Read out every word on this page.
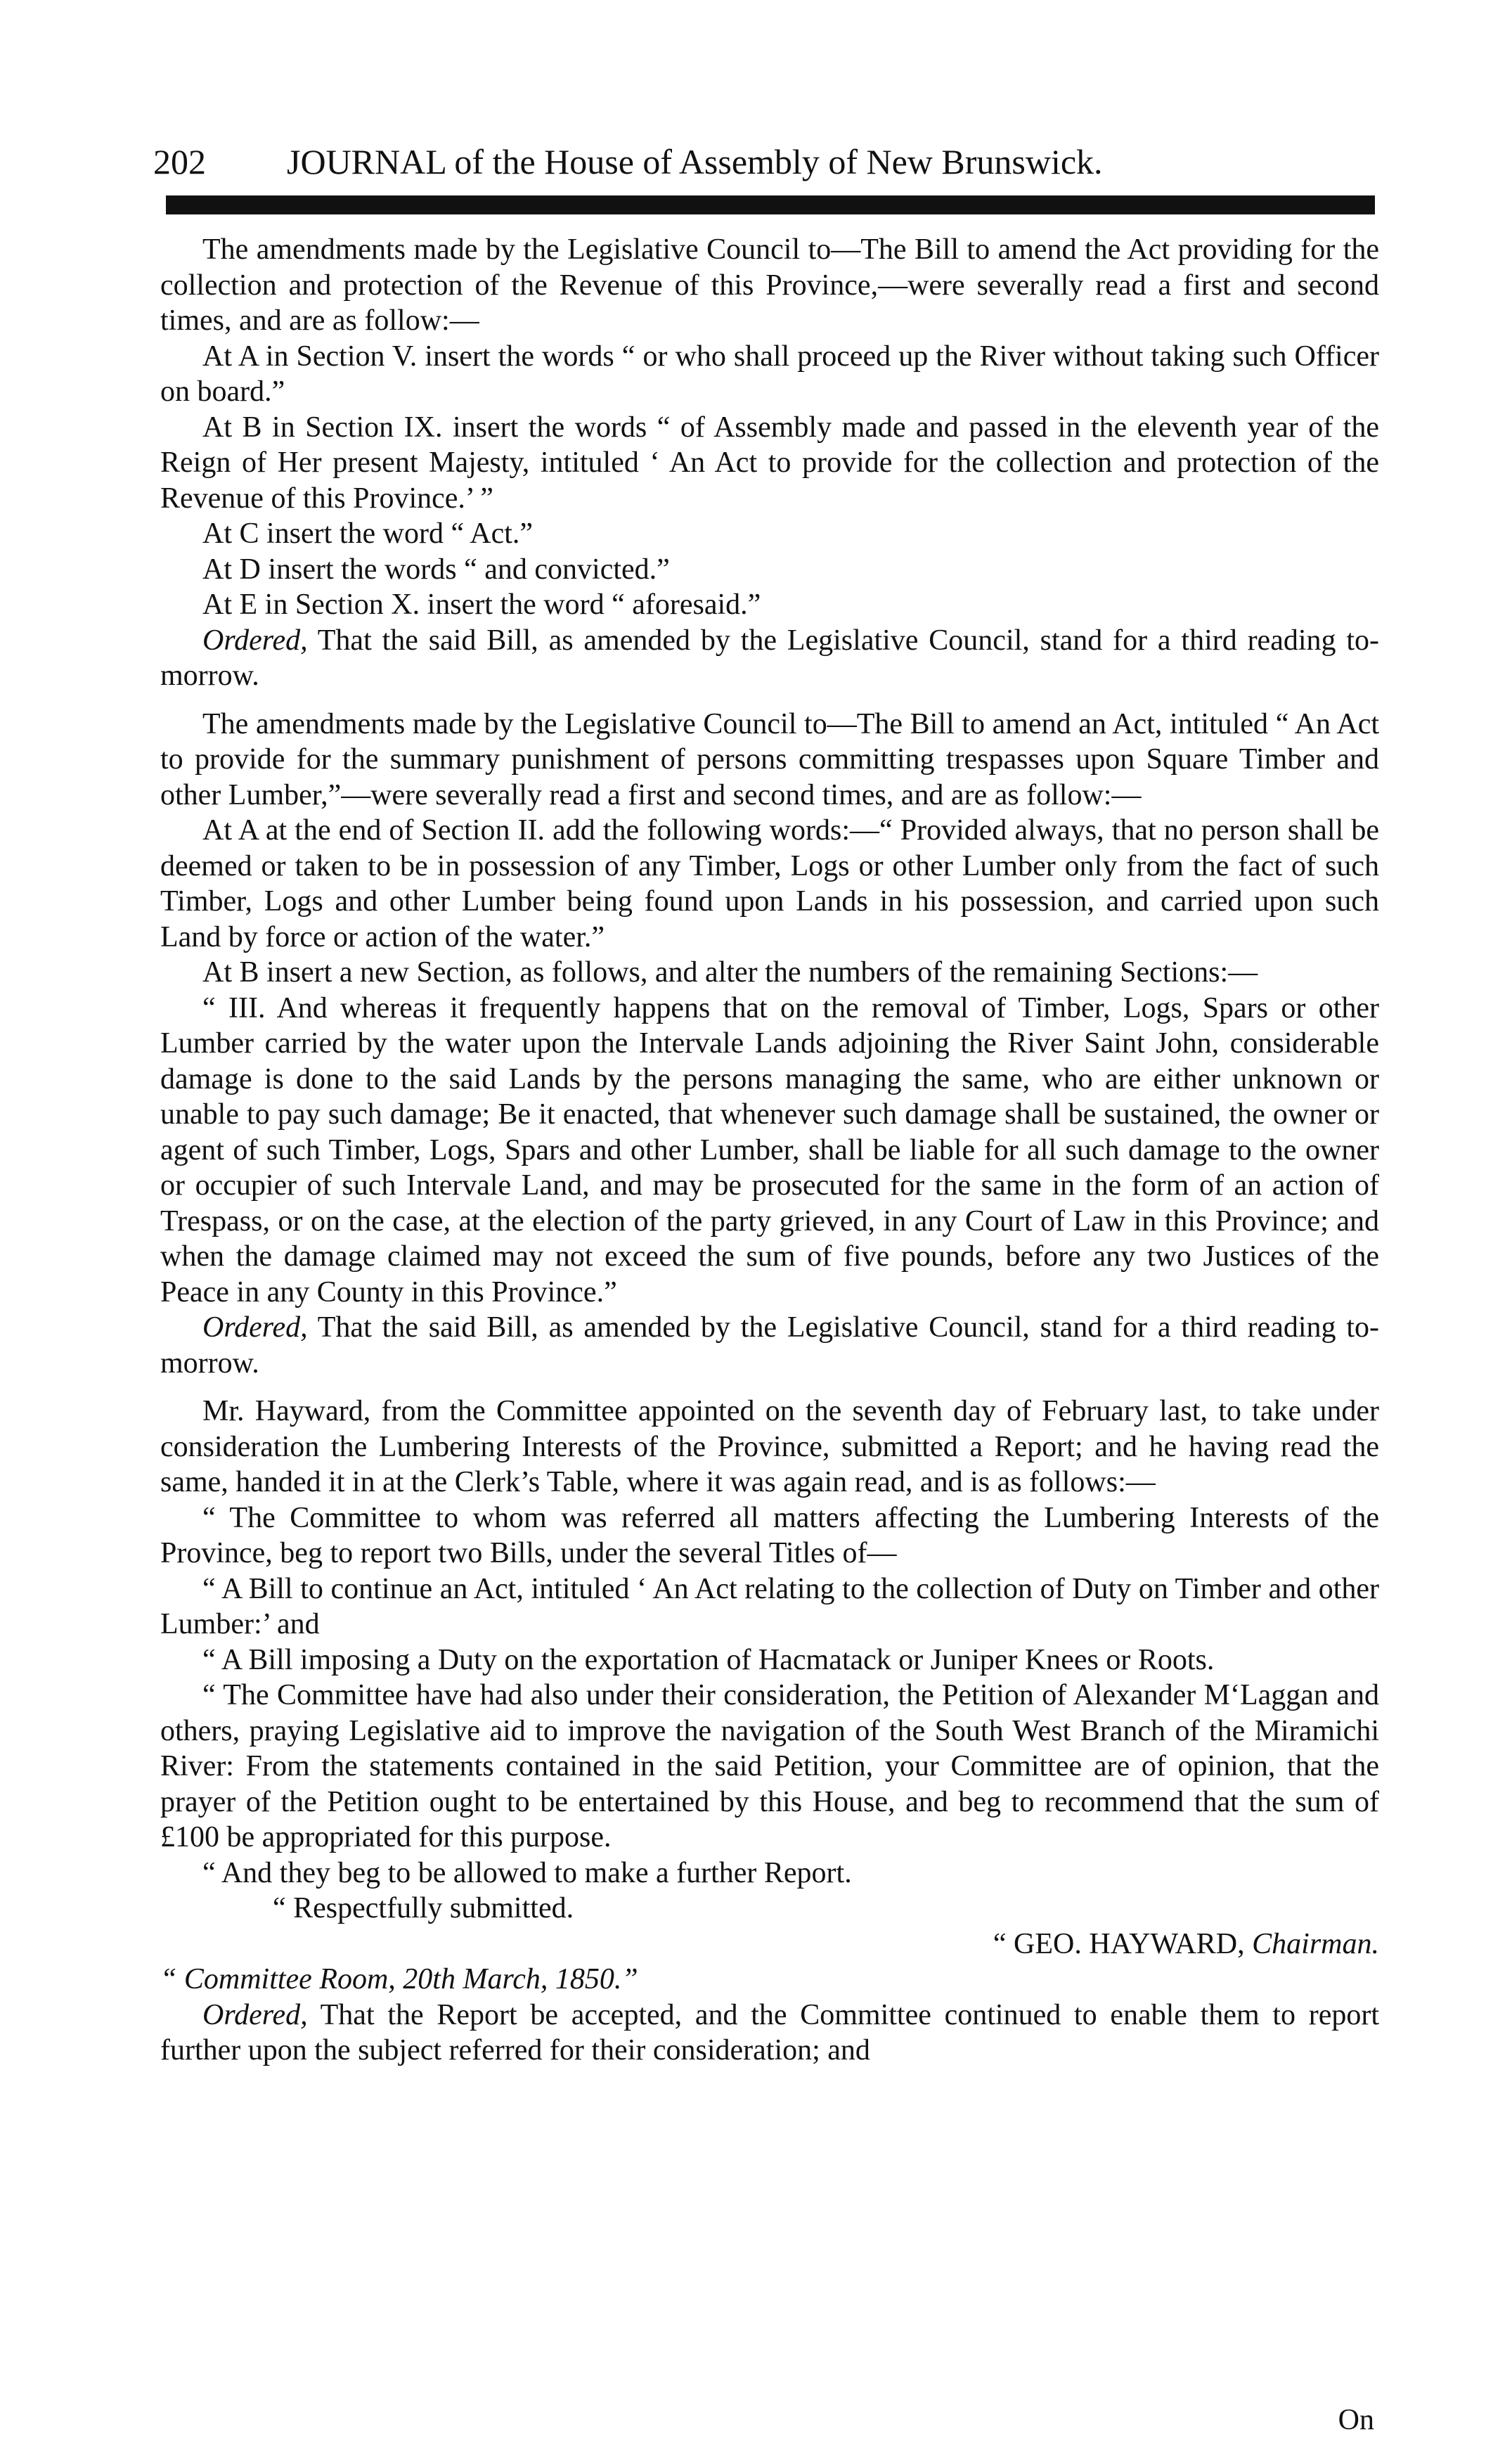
202 JOURNAL of the House of Assembly of New Brunswick.

The amendments made by the Legislative Council to—The Bill to amend the Act providing for the collection and protection of the Revenue of this Province,—were severally read a first and second times, and are as follow:—

At A in Section V. insert the words “ or who shall proceed up the River without taking such Officer on board.”

At B in Section IX. insert the words “ of Assembly made and passed in the eleventh year of the Reign of Her present Majesty, intituled ‘ An Act to provide for the collection and protection of the Revenue of this Province.’ ”

At C insert the word “ Act.”

At D insert the words “ and convicted.”

At E in Section X. insert the word “ aforesaid.”

Ordered, That the said Bill, as amended by the Legislative Council, stand for a third reading to-morrow.

The amendments made by the Legislative Council to—The Bill to amend an Act, intituled “ An Act to provide for the summary punishment of persons committing trespasses upon Square Timber and other Lumber,”—were severally read a first and second times, and are as follow:—

At A at the end of Section II. add the following words:—“ Provided always, that no person shall be deemed or taken to be in possession of any Timber, Logs or other Lumber only from the fact of such Timber, Logs and other Lumber being found upon Lands in his possession, and carried upon such Land by force or action of the water.”

At B insert a new Section, as follows, and alter the numbers of the remaining Sections:—

“ III. And whereas it frequently happens that on the removal of Timber, Logs, Spars or other Lumber carried by the water upon the Intervale Lands adjoining the River Saint John, considerable damage is done to the said Lands by the persons managing the same, who are either unknown or unable to pay such damage; Be it enacted, that whenever such damage shall be sustained, the owner or agent of such Timber, Logs, Spars and other Lumber, shall be liable for all such damage to the owner or occupier of such Intervale Land, and may be prosecuted for the same in the form of an action of Trespass, or on the case, at the election of the party grieved, in any Court of Law in this Province; and when the damage claimed may not exceed the sum of five pounds, before any two Justices of the Peace in any County in this Province.”

Ordered, That the said Bill, as amended by the Legislative Council, stand for a third reading to-morrow.

Mr. Hayward, from the Committee appointed on the seventh day of February last, to take under consideration the Lumbering Interests of the Province, submitted a Report; and he having read the same, handed it in at the Clerk’s Table, where it was again read, and is as follows:—

“ The Committee to whom was referred all matters affecting the Lumbering Interests of the Province, beg to report two Bills, under the several Titles of—

“ A Bill to continue an Act, intituled ‘ An Act relating to the collection of Duty on Timber and other Lumber:’ and

“ A Bill imposing a Duty on the exportation of Hacmatack or Juniper Knees or Roots.

“ The Committee have had also under their consideration, the Petition of Alexander M‘Laggan and others, praying Legislative aid to improve the navigation of the South West Branch of the Miramichi River: From the statements contained in the said Petition, your Committee are of opinion, that the prayer of the Petition ought to be entertained by this House, and beg to recommend that the sum of £100 be appropriated for this purpose.

“ And they beg to be allowed to make a further Report.

“ Respectfully submitted.

“ GEO. HAYWARD, Chairman.

“ Committee Room, 20th March, 1850.”

Ordered, That the Report be accepted, and the Committee continued to enable them to report further upon the subject referred for their consideration; and

On
